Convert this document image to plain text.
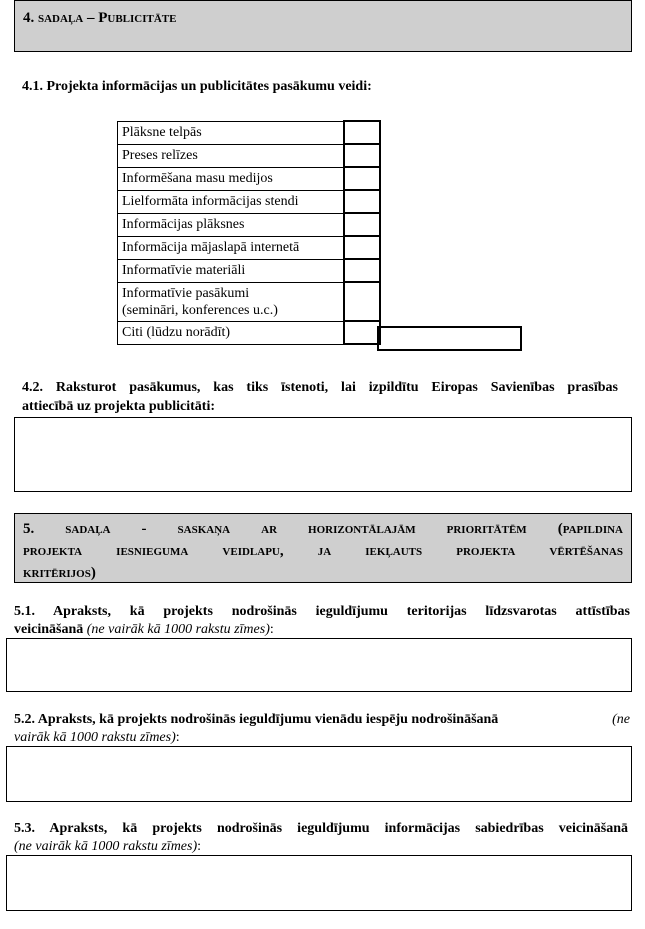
4. sadaļa – Publicitāte
4.1. Projekta informācijas un publicitātes pasākumu veidi:
Plāksne telpās	
Preses relīzes	
Informēšana masu medijos	
Lielformāta informācijas stendi	
Informācijas plāksnes	
Informācija mājaslapā internetā	
Informatīvie materiāli	
Informatīvie pasākumi
(semināri, konferences u.c.)	
Citi (lūdzu norādīt)	
4.2. Raksturot pasākumus, kas tiks īstenoti, lai izpildītu Eiropas Savienības prasības
attiecībā uz projekta publicitāti:
5. sadaļa - saskaņa ar horizontālajām prioritātēm (papildina
projekta iesnieguma veidlapu, ja iekļauts projekta vērtēšanas
kritērijos)
5.1. Apraksts, kā projekts nodrošinās ieguldījumu teritorijas līdzsvarotas attīstības
veicināšanā (ne vairāk kā 1000 rakstu zīmes):
5.2. Apraksts, kā projekts nodrošinās ieguldījumu vienādu iespēju nodrošināšanā	(ne
vairāk kā 1000 rakstu zīmes):
5.3. Apraksts, kā projekts nodrošinās ieguldījumu informācijas sabiedrības veicināšanā
(ne vairāk kā 1000 rakstu zīmes):
